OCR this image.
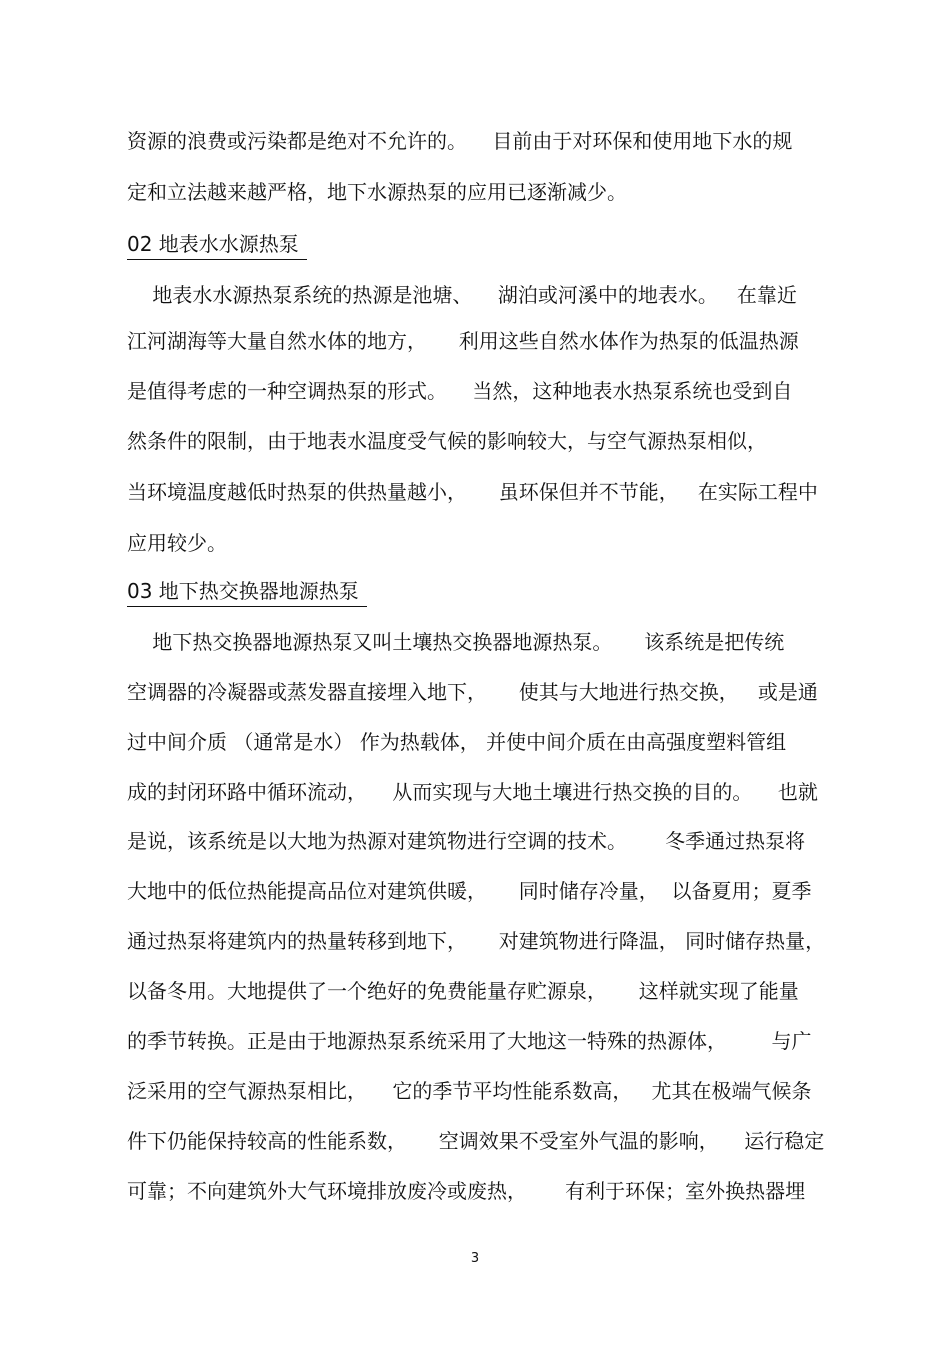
资源的浪费或污染都是绝对不允许的。    目前由于对环保和使用地下水的规
定和立法越来越严格，地下水源热泵的应用已逐渐减少。
02 地表水水源热泵
地表水水源热泵系统的热源是池塘、    湖泊或河溪中的地表水。   在靠近
江河湖海等大量自然水体的地方，     利用这些自然水体作为热泵的低温热源
是值得考虑的一种空调热泵的形式。    当然，这种地表水热泵系统也受到自
然条件的限制，由于地表水温度受气候的影响较大，与空气源热泵相似，
当环境温度越低时热泵的供热量越小，     虽环保但并不节能，   在实际工程中
应用较少。
03 地下热交换器地源热泵
地下热交换器地源热泵又叫土壤热交换器地源热泵。     该系统是把传统
空调器的冷凝器或蒸发器直接埋入地下，     使其与大地进行热交换，   或是通
过中间介质 （通常是水） 作为热载体， 并使中间介质在由高强度塑料管组
成的封闭环路中循环流动，    从而实现与大地土壤进行热交换的目的。    也就
是说，该系统是以大地为热源对建筑物进行空调的技术。      冬季通过热泵将
大地中的低位热能提高品位对建筑供暖，     同时储存冷量，  以备夏用；夏季
通过热泵将建筑内的热量转移到地下，     对建筑物进行降温， 同时储存热量，
以备冬用。大地提供了一个绝好的免费能量存贮源泉，     这样就实现了能量
的季节转换。正是由于地源热泵系统采用了大地这一特殊的热源体，       与广
泛采用的空气源热泵相比，    它的季节平均性能系数高，   尤其在极端气候条
件下仍能保持较高的性能系数，     空调效果不受室外气温的影响，    运行稳定
可靠；不向建筑外大气环境排放废冷或废热，      有利于环保；室外换热器埋
3
